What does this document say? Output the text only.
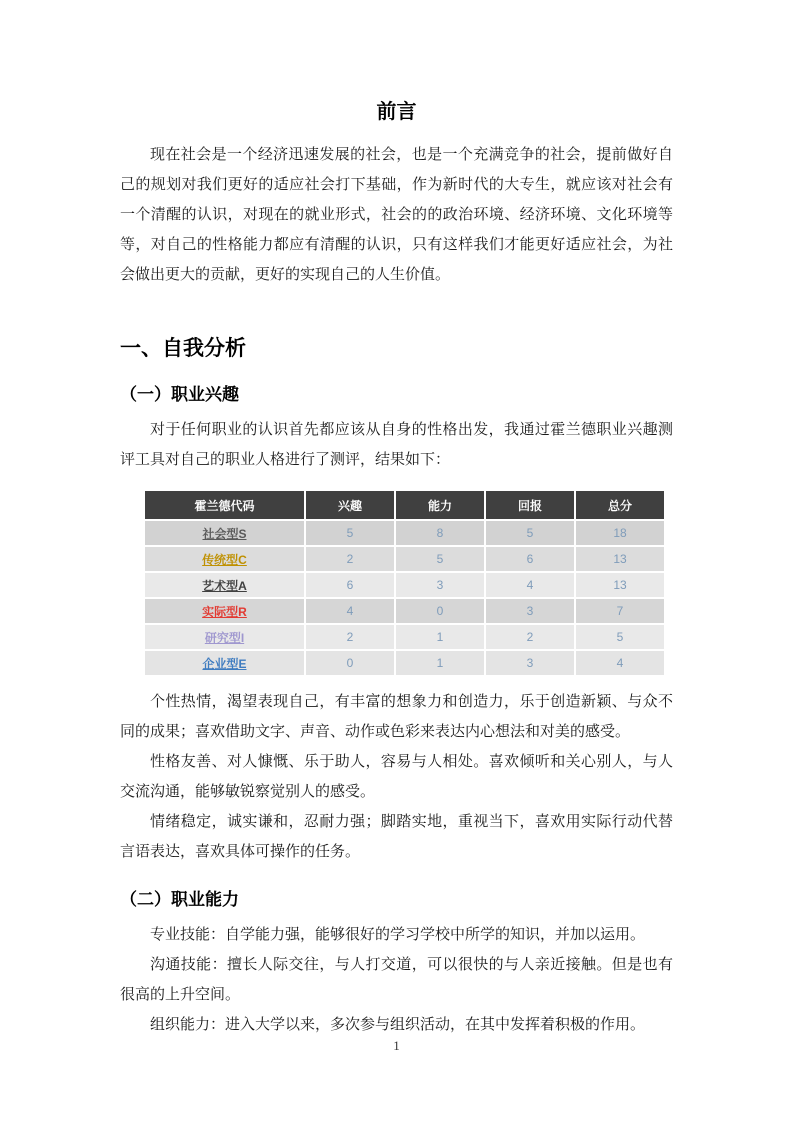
前言

现在社会是一个经济迅速发展的社会，也是一个充满竞争的社会，提前做好自己的规划对我们更好的适应社会打下基础，作为新时代的大专生，就应该对社会有一个清醒的认识，对现在的就业形式，社会的的政治环境、经济环境、文化环境等等，对自己的性格能力都应有清醒的认识，只有这样我们才能更好适应社会，为社会做出更大的贡献，更好的实现自己的人生价值。

一、自我分析
（一）职业兴趣

对于任何职业的认识首先都应该从自身的性格出发，我通过霍兰德职业兴趣测评工具对自己的职业人格进行了测评，结果如下：

霍兰德代码	兴趣	能力	回报	总分
社会型S	5	8	5	18
传统型C	2	5	6	13
艺术型A	6	3	4	13
实际型R	4	0	3	7
研究型I	2	1	2	5
企业型E	0	1	3	4

个性热情，渴望表现自己，有丰富的想象力和创造力，乐于创造新颖、与众不同的成果；喜欢借助文字、声音、动作或色彩来表达内心想法和对美的感受。

性格友善、对人慷慨、乐于助人，容易与人相处。喜欢倾听和关心别人，与人交流沟通，能够敏锐察觉别人的感受。

情绪稳定，诚实谦和，忍耐力强；脚踏实地，重视当下，喜欢用实际行动代替言语表达，喜欢具体可操作的任务。

（二）职业能力

专业技能：自学能力强，能够很好的学习学校中所学的知识，并加以运用。

沟通技能：擅长人际交往，与人打交道，可以很快的与人亲近接触。但是也有很高的上升空间。

组织能力：进入大学以来，多次参与组织活动，在其中发挥着积极的作用。

1
